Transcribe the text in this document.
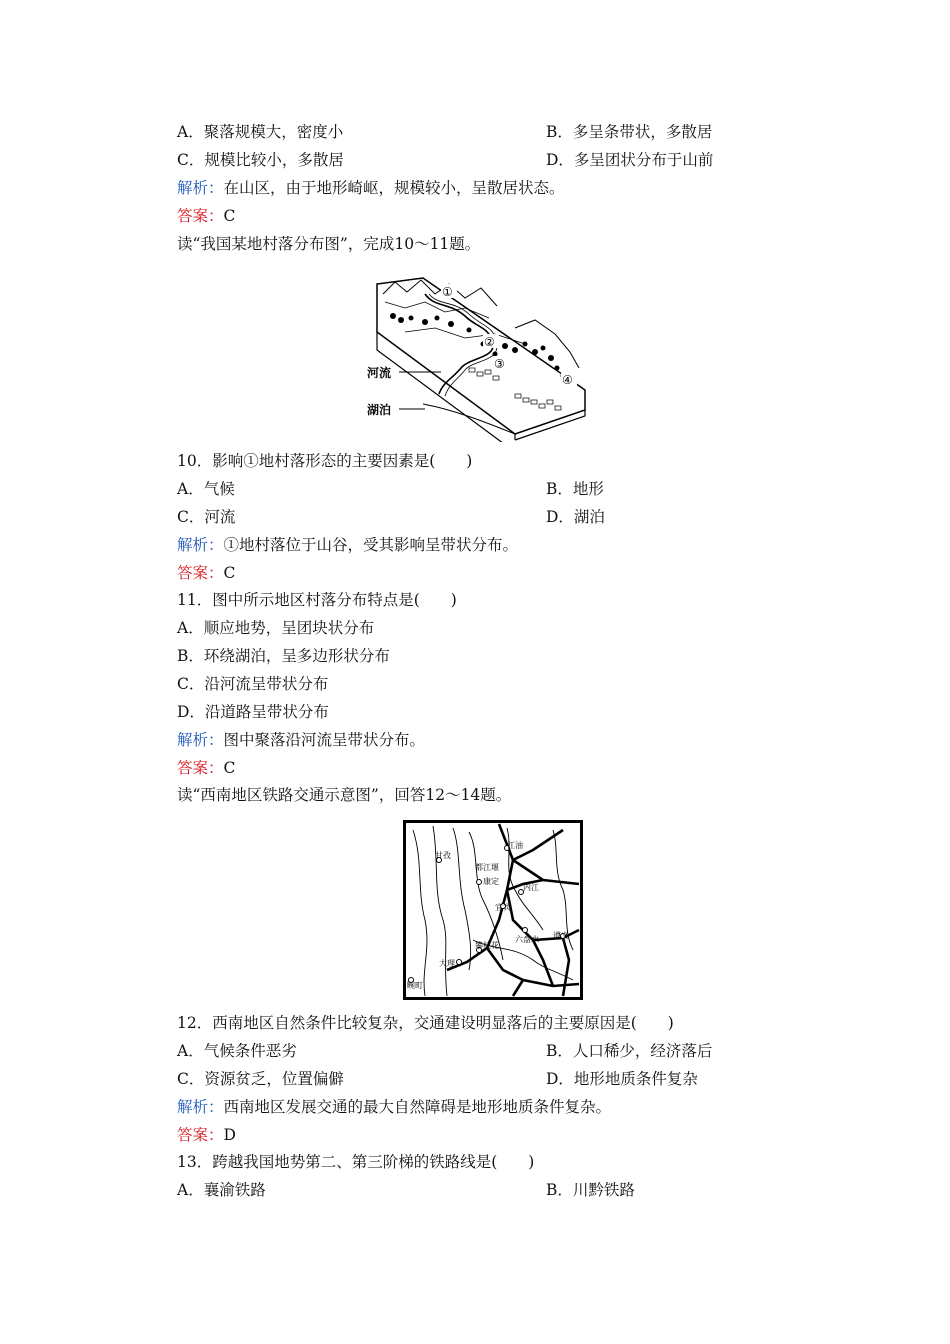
A．聚落规模大，密度小	B．多呈条带状，多散居
C．规模比较小，多散居	D．多呈团状分布于山前
解析：在山区，由于地形崎岖，规模较小，呈散居状态。
答案：C
读“我国某地村落分布图”，完成10～11题。
河流
湖泊
①
②
③
④
10．影响①地村落形态的主要因素是(　　)
A．气候	B．地形
C．河流	D．湖泊
解析：①地村落位于山谷，受其影响呈带状分布。
答案：C
11．图中所示地区村落分布特点是(　　)
A．顺应地势，呈团块状分布
B．环绕湖泊，呈多边形状分布
C．沿河流呈带状分布
D．沿道路呈带状分布
解析：图中聚落沿河流呈带状分布。
答案：C
读“西南地区铁路交通示意图”，回答12～14题。
甘孜
都江堰
康定
江油
内江
宜宾
攀枝花
六盘水 遵义
大理
畹町
12．西南地区自然条件比较复杂，交通建设明显落后的主要原因是(　　)
A．气候条件恶劣	B．人口稀少，经济落后
C．资源贫乏，位置偏僻	D．地形地质条件复杂
解析：西南地区发展交通的最大自然障碍是地形地质条件复杂。
答案：D
13．跨越我国地势第二、第三阶梯的铁路线是(　　)
A．襄渝铁路	B．川黔铁路
